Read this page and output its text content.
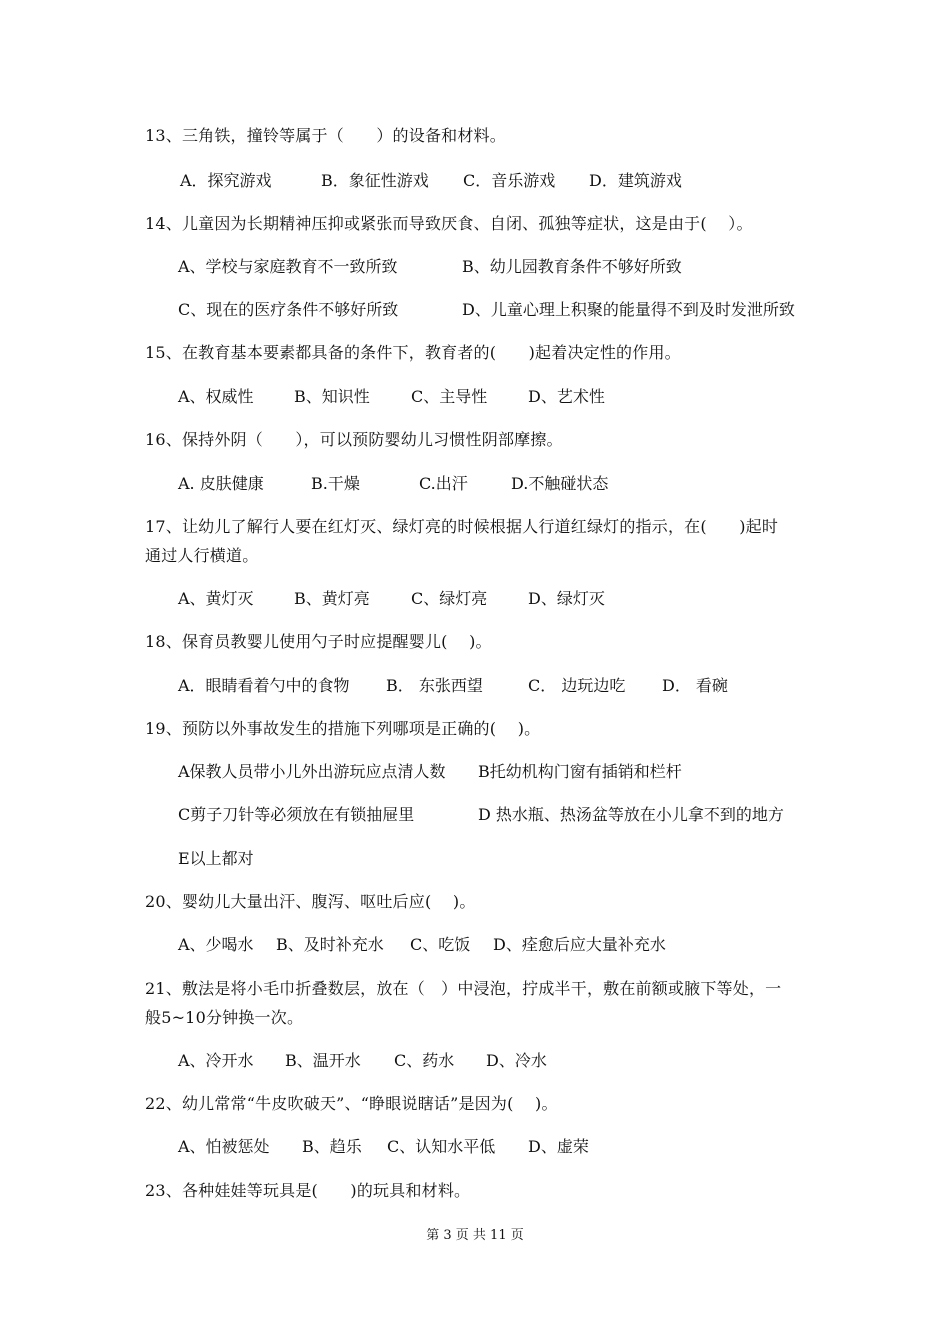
13、三角铁，撞铃等属于（　　）的设备和材料。

A．探究游戏

	B．象征性游戏

C．音乐游戏

D．建筑游戏

14、儿童因为长期精神压抑或紧张而导致厌食、自闭、孤独等症状，这是由于(　 ）。

A、学校与家庭教育不一致所致

	B、幼儿园教育条件不够好所致

C、现在的医疗条件不够好所致

	D、儿童心理上积聚的能量得不到及时发泄所致

15、在教育基本要素都具备的条件下，教育者的(　　)起着决定性的作用。

A、权威性

	B、知识性

	C、主导性

	D、艺术性

16、保持外阴（　　），可以预防婴幼儿习惯性阴部摩擦。

A. 皮肤健康

	B.干燥

	C.出汗

	D.不触碰状态

17、让幼儿了解行人要在红灯灭、绿灯亮的时候根据人行道红绿灯的指示，在(　　)起时
通过人行横道。

A、黄灯灭

	B、黄灯亮

	C、绿灯亮

	D、绿灯灭

18、保育员教婴儿使用勺子时应提醒婴儿(　 )。

A．眼睛看着勺中的食物

B． 东张西望

	C． 边玩边吃

D． 看碗

19、预防以外事故发生的措施下列哪项是正确的(　 )。

A保教人员带小儿外出游玩应点清人数

B托幼机构门窗有插销和栏杆

C剪子刀针等必须放在有锁抽屉里

	D 热水瓶、热汤盆等放在小儿拿不到的地方

E以上都对

20、婴幼儿大量出汗、腹泻、呕吐后应(　 )。

A、少喝水

B、及时补充水

C、吃饭

D、痊愈后应大量补充水

21、敷法是将小毛巾折叠数层，放在（　）中浸泡，拧成半干，敷在前额或腋下等处，一
般5~10分钟换一次。

A、冷开水

B、温开水

C、药水

D、冷水

22、幼儿常常“牛皮吹破天”、“睁眼说瞎话”是因为(　 )。

A、怕被惩处

B、趋乐

C、认知水平低

D、虚荣

23、各种娃娃等玩具是(　　)的玩具和材料。
第 3 页 共 11 页
